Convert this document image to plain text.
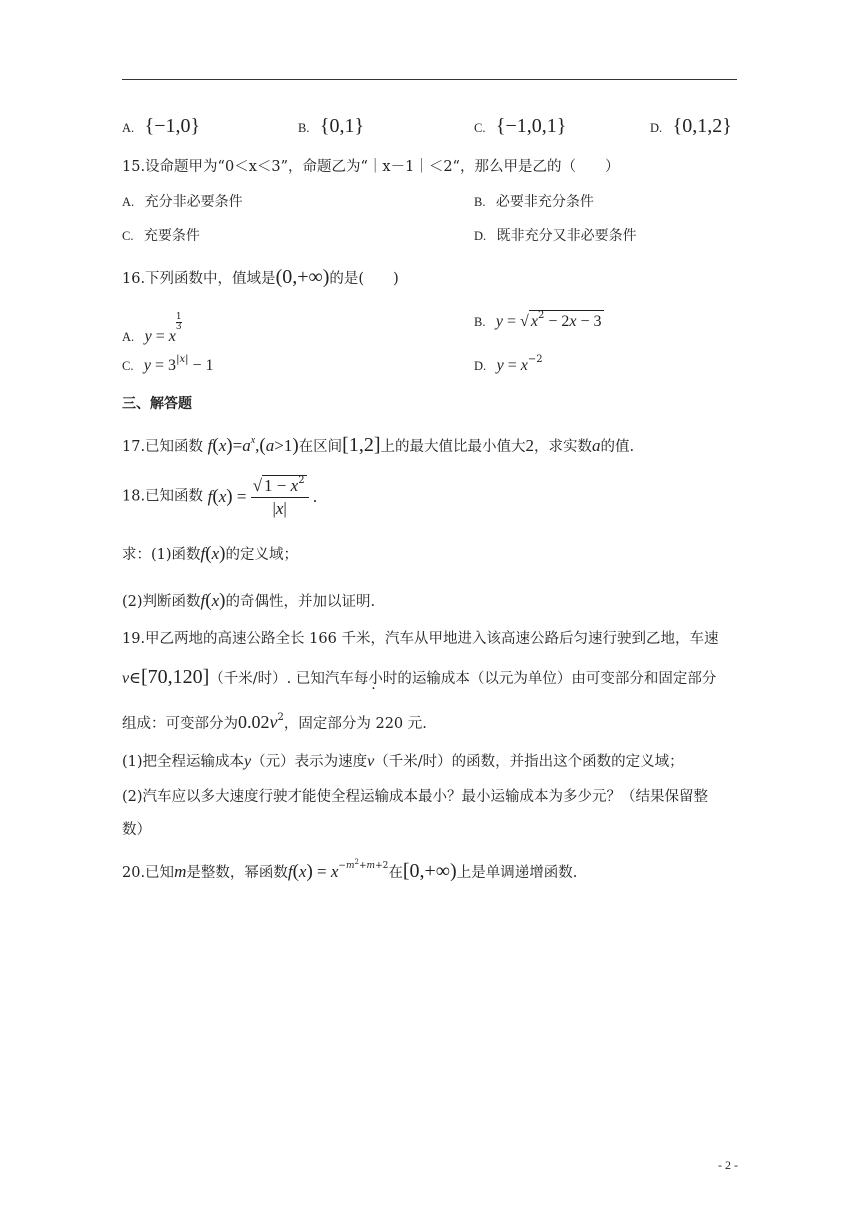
A. {−1,0}	B. {0,1}	C. {−1,0,1}	D. {0,1,2}
15.设命题甲为“0＜x＜3”，命题乙为“｜x－1｜＜2“，那么甲是乙的（　　）
A. 充分非必要条件	B. 必要非充分条件
C. 充要条件	D. 既非充分又非必要条件
16.下列函数中，值域是(0,+∞)的是(　　)
A. y = x
$\frac{1}{3}$	B. y = √ $x^2 - 2x - 3$
C. $y = 3^{|x|} - 1$	D. $y = x^{-2}$
三、解答题
17.已知函数 $f(x)=a^x,(a>1)$在区间[1,2]上的最大值比最小值大2，求实数a的值.
18.已知函数 $f(x) = \frac{√ 1 - x^2}{|x|}$ .
求：(1)函数f(x)的定义域；
(2)判断函数f(x)的奇偶性，并加以证明.
19.甲乙两地的高速公路全长 166 千米，汽车从甲地进入该高速公路后匀速行驶到乙地，车速
v∈[70,120]（千米/时）. 已知汽车每小时的运输成本（以元为单位）由可变部分和固定部分
组成：可变部分为$0.02v^2$，固定部分为 220 元.
(1)把全程运输成本y（元）表示为速度v（千米/时）的函数，并指出这个函数的定义域；
(2)汽车应以多大速度行驶才能使全程运输成本最小？最小运输成本为多少元？（结果保留整
数）
20.已知m是整数，幂函数$f(x) = x^{-m^2+m+2}$在[0,+∞)上是单调递增函数.
- 2 -
